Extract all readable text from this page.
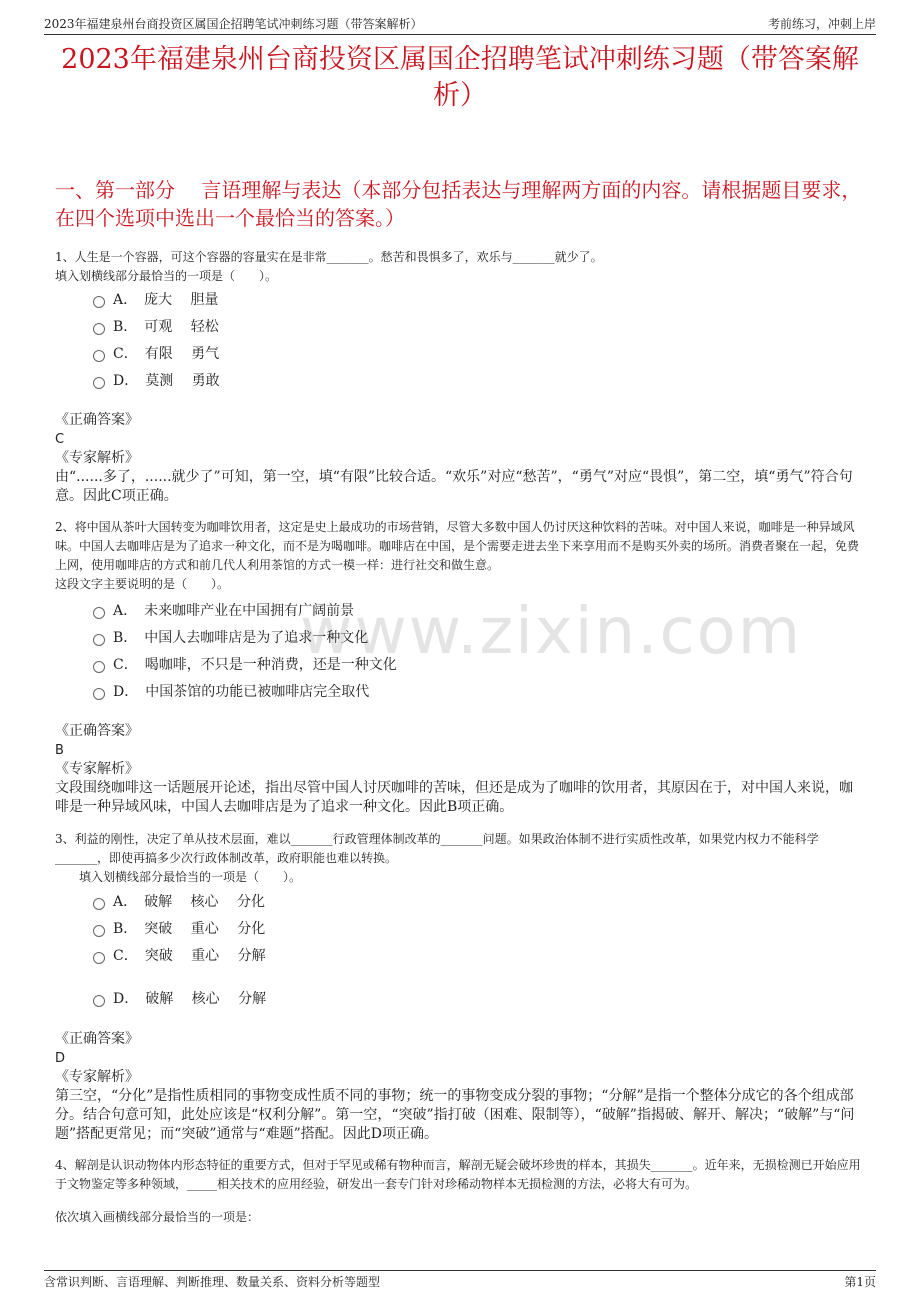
2023年福建泉州台商投资区属国企招聘笔试冲刺练习题（带答案解析）	考前练习，冲刺上岸
2023年福建泉州台商投资区属国企招聘笔试冲刺练习题（带答案解析）
一、第一部分　 言语理解与表达（本部分包括表达与理解两方面的内容。请根据题目要求，在四个选项中选出一个最恰当的答案。）
www.zixin.com
1、人生是一个容器，可这个容器的容量实在是非常_______。愁苦和畏惧多了，欢乐与_______就少了。
填入划横线部分最恰当的一项是（　　）。
A．　庞大　 胆量
B．　可观　 轻松
C．　有限　 勇气
D．　莫测　 勇敢
《正确答案》
C
《专家解析》
由“......多了，......就少了”可知，第一空，填“有限”比较合适。“欢乐”对应“愁苦”，“勇气”对应“畏惧”，第二空，填“勇气”符合句意。因此C项正确。
2、将中国从茶叶大国转变为咖啡饮用者，这定是史上最成功的市场营销，尽管大多数中国人仍讨厌这种饮料的苦味。对中国人来说，咖啡是一种异域风味。中国人去咖啡店是为了追求一种文化，而不是为喝咖啡。咖啡店在中国，是个需要走进去坐下来享用而不是购买外卖的场所。消费者聚在一起，免费上网，使用咖啡店的方式和前几代人利用茶馆的方式一模一样：进行社交和做生意。
这段文字主要说明的是（　　）。
A．　未来咖啡产业在中国拥有广阔前景
B．　中国人去咖啡店是为了追求一种文化
C．　喝咖啡，不只是一种消费，还是一种文化
D．　中国茶馆的功能已被咖啡店完全取代
《正确答案》
B
《专家解析》
文段围绕咖啡这一话题展开论述，指出尽管中国人讨厌咖啡的苦味，但还是成为了咖啡的饮用者，其原因在于，对中国人来说，咖啡是一种异域风味，中国人去咖啡店是为了追求一种文化。因此B项正确。
3、利益的刚性，决定了单从技术层面，难以_______行政管理体制改革的_______问题。如果政治体制不进行实质性改革，如果党内权力不能科学_______，即使再搞多少次行政体制改革，政府职能也难以转换。
　　填入划横线部分最恰当的一项是（　　）。
A．　破解　 核心　 分化
B．　突破　 重心　 分化
C．　突破　 重心　 分解
D．　破解　 核心　 分解
《正确答案》
D
《专家解析》
第三空，“分化”是指性质相同的事物变成性质不同的事物；统一的事物变成分裂的事物；“分解”是指一个整体分成它的各个组成部分。结合句意可知，此处应该是“权利分解”。第一空，“突破”指打破（困难、限制等），“破解”指揭破、解开、解决；“破解”与“问题”搭配更常见；而“突破”通常与“难题”搭配。因此D项正确。
4、解剖是认识动物体内形态特征的重要方式，但对于罕见或稀有物种而言，解剖无疑会破坏珍贵的样本，其损失_______。近年来，无损检测已开始应用于文物鉴定等多种领域，_____相关技术的应用经验，研发出一套专门针对珍稀动物样本无损检测的方法，必将大有可为。
依次填入画横线部分最恰当的一项是：
含常识判断、言语理解、判断推理、数量关系、资料分析等题型	第1页
